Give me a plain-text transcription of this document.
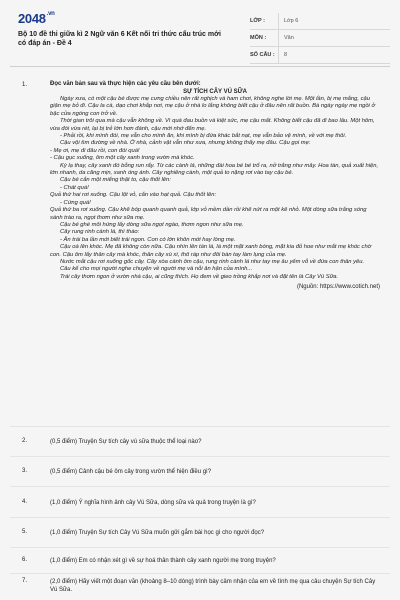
$2048^{.vn}$
Bộ 10 đề thi giữa kì 2 Ngữ văn 6 Kết nối tri thức cấu trúc mới có đáp án - Đề 4
LỚP :	Lớp 6
MÔN :	Văn
SỐ CÂU :	8
1.	Đọc văn bản sau và thực hiện các yêu cầu bên dưới:
SỰ TÍCH CÂY VÚ SỮA

Ngày xưa, có một cậu bé được mẹ cưng chiều nên rất nghịch và ham chơi, không nghe lời mẹ. Một lần, bị mẹ mắng, cậu giận mẹ bỏ đi. Cậu la cà, dạo chơi khắp nơi, mẹ cậu ở nhà lo lắng không biết cậu ở đâu nên rất buồn. Bà ngày ngày mẹ ngồi ở bậc cửa ngóng con trở về.

Thời gian trôi qua mà cậu vẫn không về. Vì quá đau buồn và kiệt sức, mẹ cậu mất. Không biết cậu đã đi bao lâu. Một hôm, vừa đói vừa rét, lại bị trẻ lớn hơn đánh, cậu mới nhớ đến mẹ.

- Phải rồi, khi mình đói, mẹ vẫn cho mình ăn, khi mình bị đứa khác bắt nạt, mẹ vẫn bảo vệ mình, về với mẹ thôi.

Cậu vội tìm đường về nhà. Ở nhà, cảnh vật vẫn như xưa, nhưng không thấy mẹ đâu. Cậu gọi mẹ:

- Mẹ ơi, mẹ đi đâu rồi, con đói quá!

- Cậu gục xuống, ôm một cây xanh trong vườn mà khóc.

Kỳ lạ thay, cây xanh đó bỗng run rẩy. Từ các cành lá, những đài hoa bé bé trổ ra, nở trắng như mây. Hoa tàn, quả xuất hiện, lớn nhanh, da căng mịn, xanh óng ánh. Cây nghiêng cành, một quả to nặng rơi vào tay cậu bé.

Cậu bé cắn một miếng thật to, cậu thốt lên:

- Chát quá!

Quả thứ hai rơi xuống. Cậu lột vỏ, cắn vào hạt quả. Cậu thốt lên:

- Cứng quá!

Quả thứ ba rơi xuống. Cậu khẽ bóp quanh quanh quả, lớp vỏ mềm dần rồi khẽ nứt ra một kẽ nhỏ. Một dòng sữa trắng sóng sánh trào ra, ngọt thơm như sữa mẹ.

Cậu bé ghé môi hứng lấy dòng sữa ngọt ngào, thơm ngon như sữa mẹ.

Cây rung rinh cành lá, thì thào:

- Ăn trái ba lần mới biết trái ngon. Con có lớn khôn mới hay lòng mẹ.

Cậu oà lên khóc. Mẹ đã không còn nữa. Cậu nhìn lên tán lá, lá một mặt xanh bóng, mặt kia đỏ hoe như mắt mẹ khóc chờ con. Cậu ôm lấy thân cây mà khóc, thân cây xù xì, thô ráp như đôi bàn tay làm lụng của mẹ.

Nước mắt cậu rơi xuống gốc cây. Cây xòa cành ôm cậu, rung rinh cành lá như tay mẹ âu yếm vỗ về đứa con thân yêu.

Câu kể cho mọi người nghe chuyện về người mẹ và nỗi ân hận của mình...

Trái cây thơm ngon ở vườn nhà cậu, ai cũng thích. Họ đem về gieo trồng khắp nơi và đặt tên là Cây Vú Sữa.

(Nguồn: https://www.cotich.net)
2.	(0,5 điểm) Truyện Sự tích cây vú sữa thuộc thể loại nào?
3.	(0,5 điểm) Cảnh cậu bé ôm cây trong vườn thể hiện điều gì?
4.	(1,0 điểm) Ý nghĩa hình ảnh cây Vú Sữa, dòng sữa và quả trong truyện là gì?
5.	(1,0 điểm) Truyện Sự tích Cây Vú Sữa muốn gửi gắm bài học gì cho người đọc?
6.	(1,0 điểm) Em có nhận xét gì về sự hoá thân thành cây xanh người mẹ trong truyện?
7.	(2,0 điểm) Hãy viết một đoạn văn (khoảng 8–10 dòng) trình bày cảm nhận của em về tình mẹ qua câu chuyện Sự tích Cây Vú Sữa.
